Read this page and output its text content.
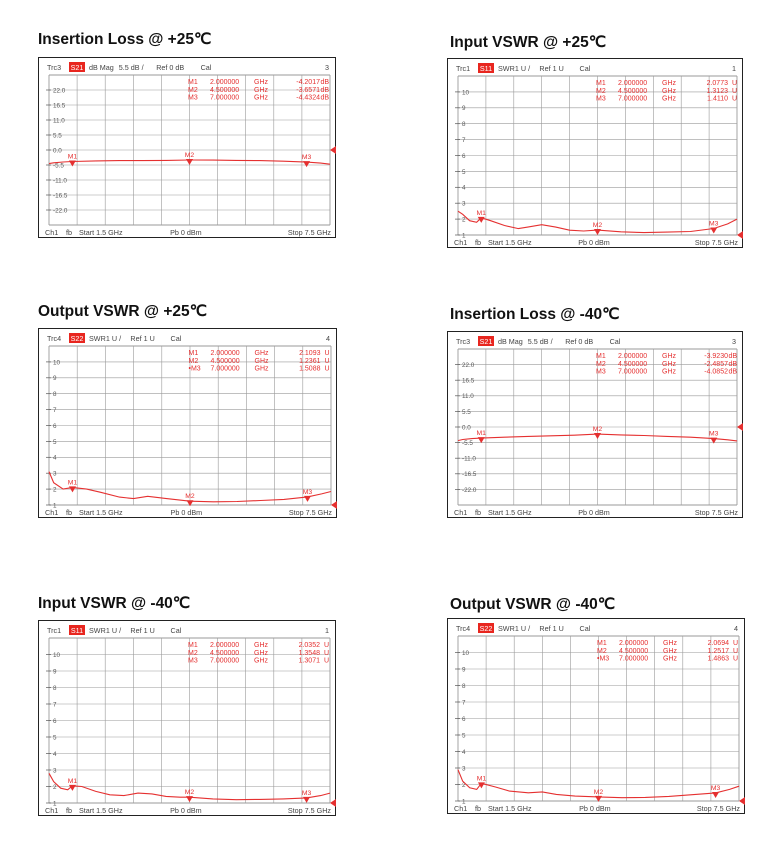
Insertion Loss @ +25℃	Input VSWR @ +25℃
Output VSWR @ +25℃	Insertion Loss @ -40℃
Input VSWR @ -40℃	Output VSWR @ -40℃
Trc3 S21 dB Mag 5.5 dB / Ref 0 dB Cal	3
22.0
16.5
11.0
5.5
0.0
-5.5
-11.0
-16.5
-22.0
M1 2.000000 GHz	-4.2017 dB
M2 4.500000 GHz	-3.6571 dB
M3 7.000000 GHz	-4.4324 dB
M1	M2	M3
Ch1 fb Start 1.5 GHz	Pb 0 dBm	Stop 7.5 GHz
Trc1 S11 SWR 1 U / Ref 1 U Cal	1
10
9
8
7
6
5
4
3
2
1
M1 2.000000 GHz	2.0773 U
M2 4.500000 GHz	1.3123 U
M3 7.000000 GHz	1.4110 U
M1
M2	M3
Ch1 fb Start 1.5 GHz	Pb 0 dBm	Stop 7.5 GHz
Trc4 S22 SWR 1 U / Ref 1 U Cal	4
10
9
8
7
6
5
4
3
2
1
M1 2.000000 GHz	2.1093 U
M2 4.500000 GHz	1.2361 U
•M3 7.000000 GHz	1.5088 U
M1
M2
M3
Ch1 fb Start 1.5 GHz	Pb 0 dBm	Stop 7.5 GHz
Trc3 S21 dB Mag 5.5 dB / Ref 0 dB Cal	3
22.0
16.5
11.0
5.5
0.0
-5.5
-11.0
-16.5
-22.0
M1 2.000000 GHz	-3.9230 dB
M2 4.500000 GHz	-2.4857 dB
M3 7.000000 GHz	-4.0852 dB
M1
M2
M3
Ch1 fb Start 1.5 GHz	Pb 0 dBm	Stop 7.5 GHz
Trc1 S11 SWR 1 U / Ref 1 U Cal	1
10
9
8
7
6
5
4
3
2
1
M1 2.000000 GHz	2.0352 U
M2 4.500000 GHz	1.3548 U
M3 7.000000 GHz	1.3071 U
M1
M2	M3
Ch1 fb Start 1.5 GHz	Pb 0 dBm	Stop 7.5 GHz
Trc4 S22 SWR 1 U / Ref 1 U Cal	4
10
9
8
7
6
5
4
3
2
1
M1 2.000000 GHz	2.0694 U
M2 4.500000 GHz	1.2517 U
•M3 7.000000 GHz	1.4863 U
M1
M2
M3
Ch1 fb Start 1.5 GHz	Pb 0 dBm	Stop 7.5 GHz
